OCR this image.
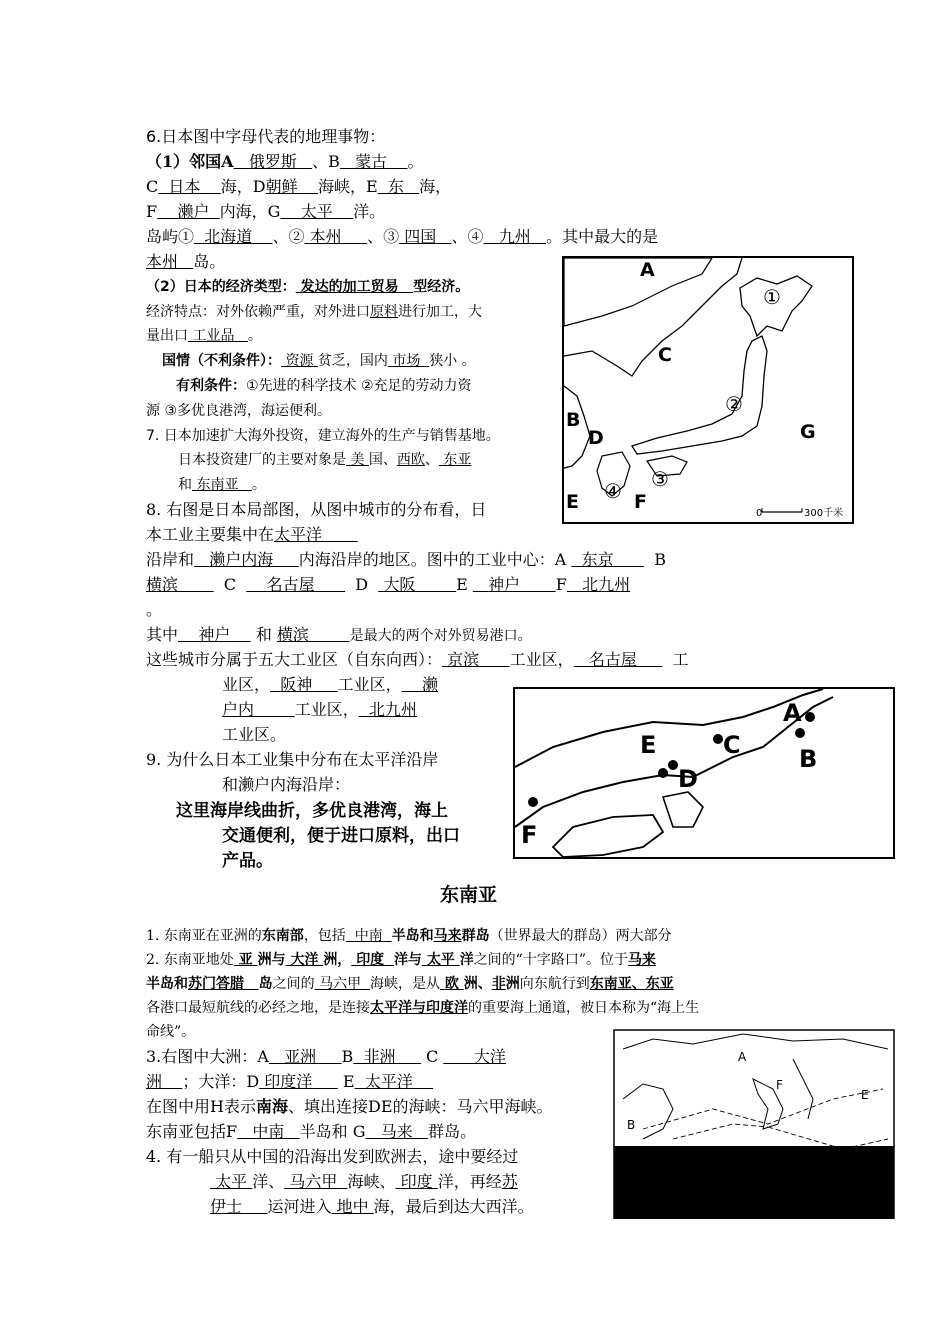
6.日本图中字母代表的地理事物：
（1）邻国A 俄罗斯 、B 蒙古 。
C 日本 海，D朝鲜 海峡，E 东 海，
F 濑户 内海，G 太平 洋。
岛屿① 北海道 、② 本州 、③ 四国 、④ 九州 。其中最大的是
本州 岛。
（2）日本的经济类型： 发达的加工贸易 型经济。
经济特点：对外依赖严重，对外进口原料进行加工，大
量出口 工业品 。
国情（不利条件）： 资源 贫乏，国内 市场 狭小 。
有利条件：①先进的科学技术 ②充足的劳动力资
源 ③多优良港湾，海运便利。
7. 日本加速扩大海外投资，建立海外的生产与销售基地。
日本投资建厂的主要对象是 美 国、西欧、 东亚
和 东南亚 。
8. 右图是日本局部图，从图中城市的分布看，日
本工业主要集中在太平洋
沿岸和 濑户内海 内海沿岸的地区。图中的工业中心：A 东京	B
横滨	C 名古屋	D 大阪	E 神户 F 北九州
。
其中 神户 和 横滨	是最大的两个对外贸易港口。
这些城市分属于五大工业区（自东向西）： 京滨 工业区， 名古屋 工
业区， 阪神 工业区， 濑
户内	工业区， 北九州
工业区。
9. 为什么日本工业集中分布在太平洋沿岸
和濑户内海沿岸：
这里海岸线曲折，多优良港湾，海上
交通便利，便于进口原料，出口
产品。
东南亚
1. 东南亚在亚洲的东南部，包括 中南 半岛和马来群岛（世界最大的群岛）两大部分
2. 东南亚地处 亚 洲与 大洋 洲， 印度 洋与 太平 洋之间的“十字路口”。位于马来
半岛和苏门答腊 岛之间的 马六甲 海峡，是从 欧 洲、非洲向东航行到东南亚、东亚
各港口最短航线的必经之地，是连接太平洋与印度洋的重要海上通道，被日本称为“海上生
命线”。
3.右图中大洲：A 亚洲 B 非洲 C 大洋
洲 ；大洋：D 印度洋 E 太平洋
在图中用H表示南海、填出连接DE的海峡：马六甲海峡。
东南亚包括F 中南 半岛和 G 马来 群岛。
4. 有一船只从中国的沿海出发到欧洲去，途中要经过
太平 洋、 马六甲 海峡、 印度 洋，再经苏
伊士 运河进入 地中 海，最后到达大西洋。
0	300千米
A
B
C
D
E	F
G
①
②
③
④
A
B
C
D
E
F
A
B
E
F
